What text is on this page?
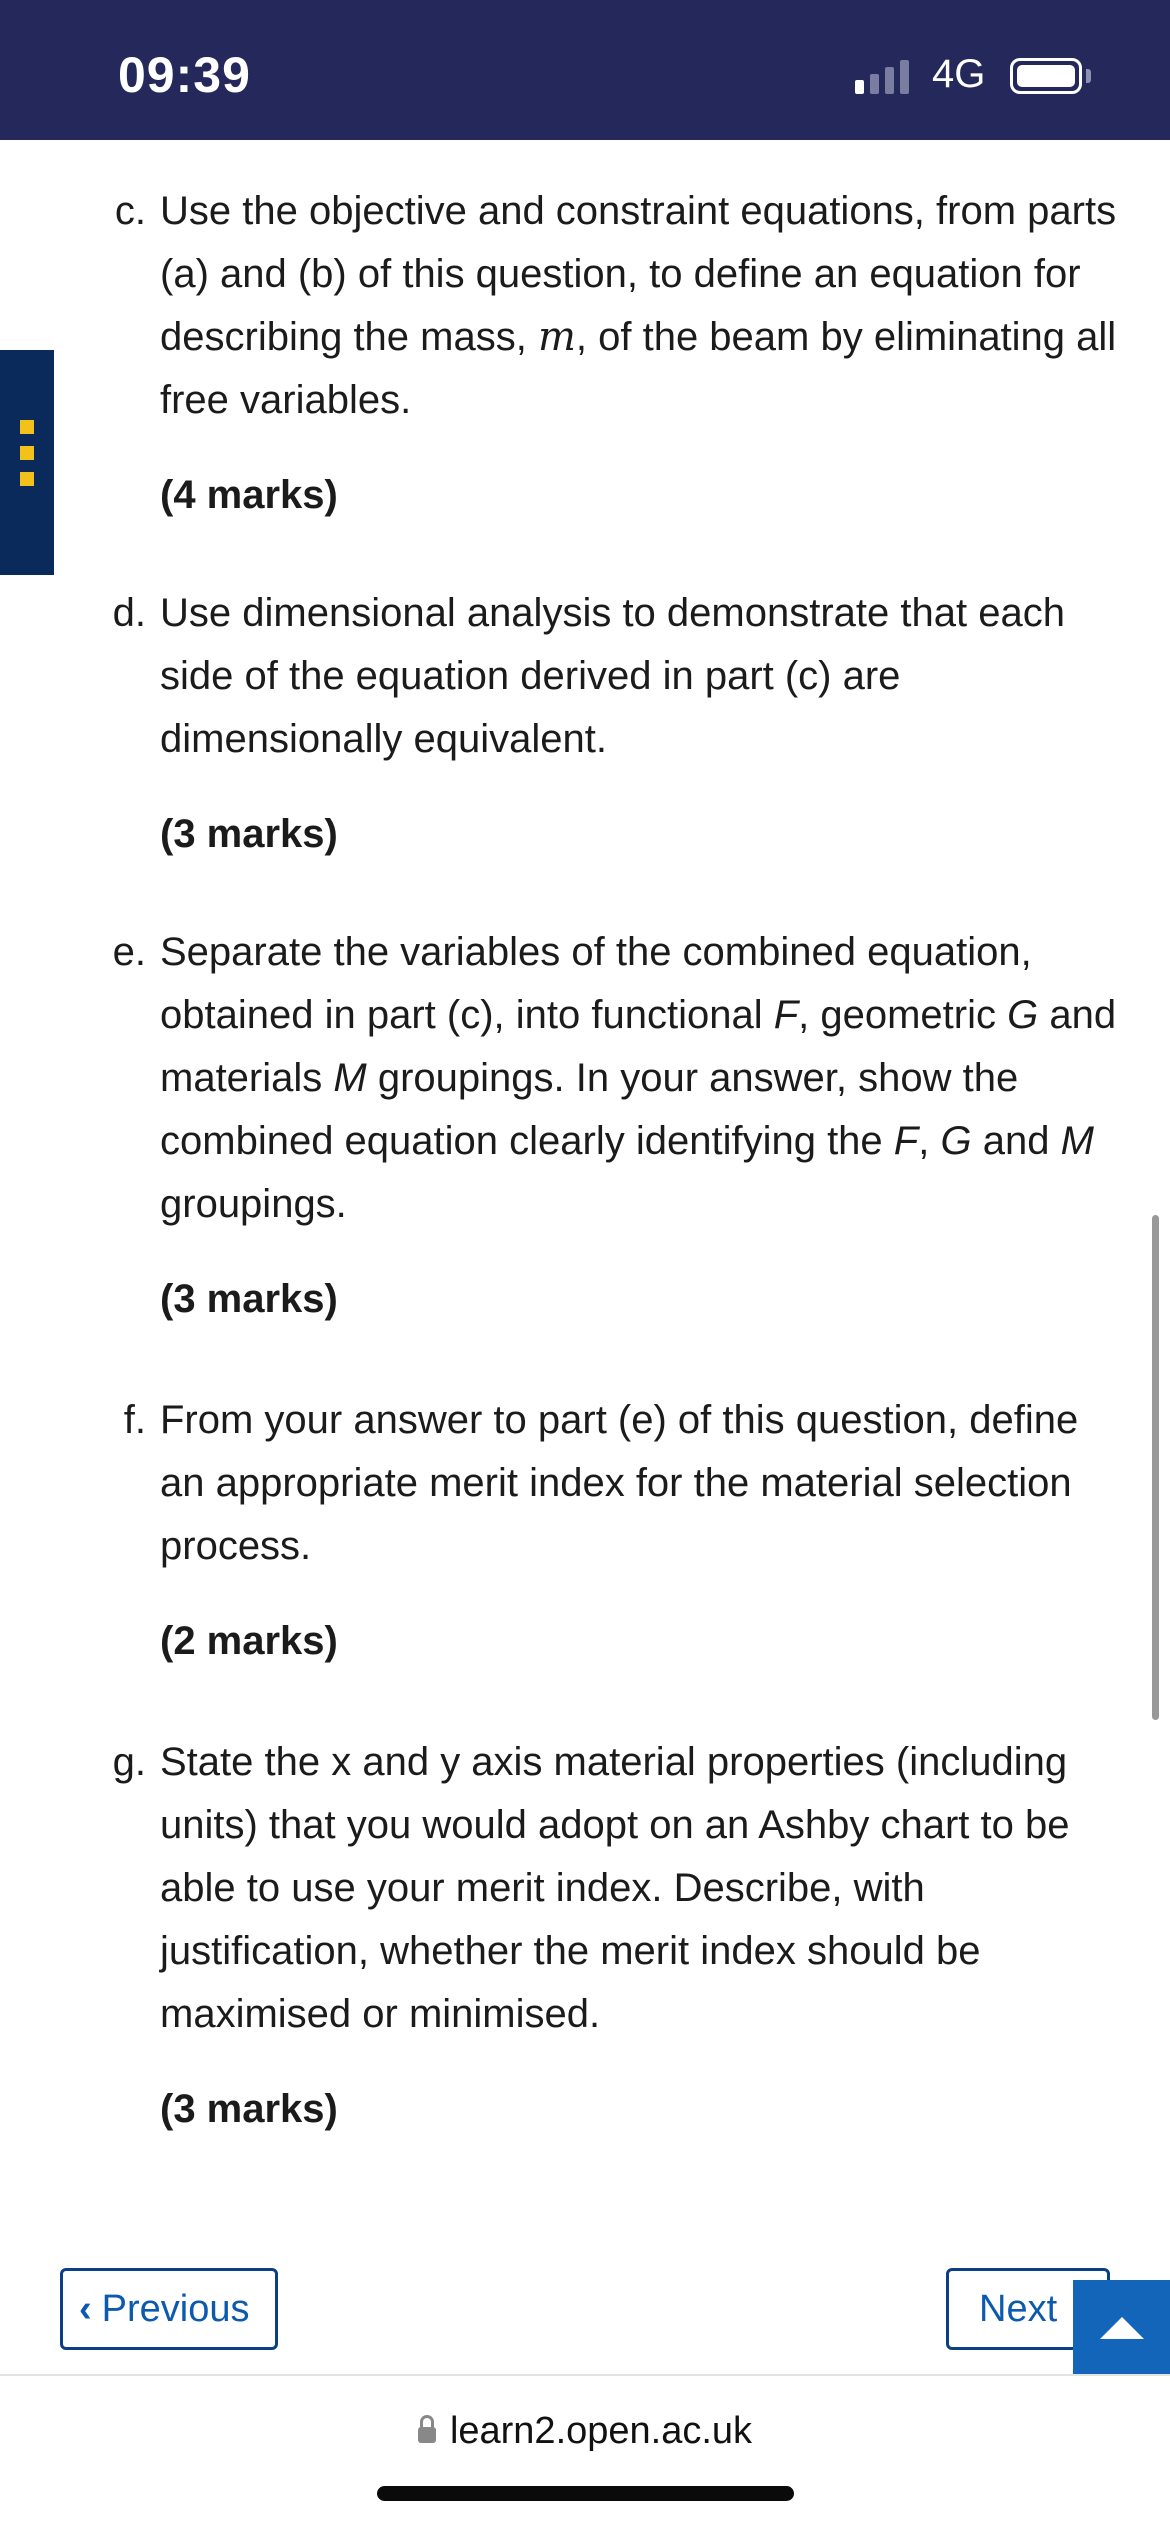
09:39	4G
c. Use the objective and constraint equations, from parts (a) and (b) of this question, to define an equation for describing the mass, m, of the beam by eliminating all free variables.
(4 marks)
d. Use dimensional analysis to demonstrate that each side of the equation derived in part (c) are dimensionally equivalent.
(3 marks)
e. Separate the variables of the combined equation, obtained in part (c), into functional F, geometric G and materials M groupings. In your answer, show the combined equation clearly identifying the F, G and M groupings.
(3 marks)
f. From your answer to part (e) of this question, define an appropriate merit index for the material selection process.
(2 marks)
g. State the x and y axis material properties (including units) that you would adopt on an Ashby chart to be able to use your merit index. Describe, with justification, whether the merit index should be maximised or minimised.
(3 marks)
‹ Previous	Next
learn2.open.ac.uk
